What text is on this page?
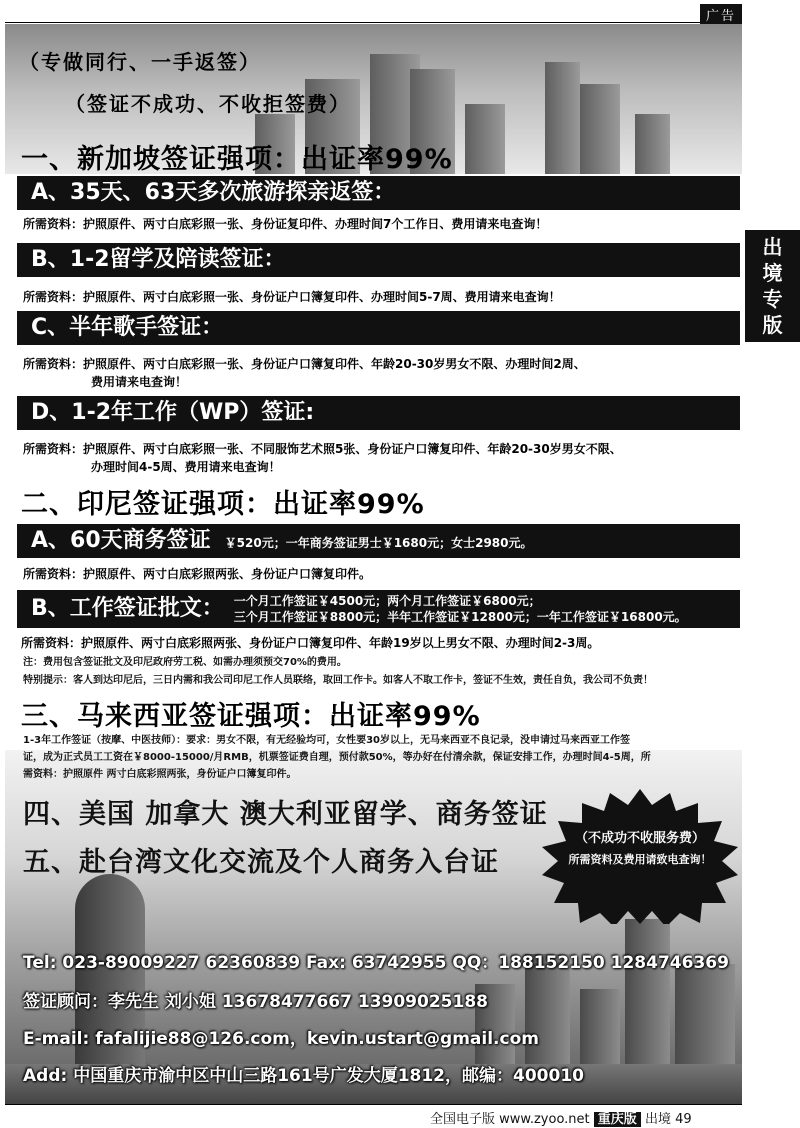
广告
出
境
专
版
（专做同行、一手返签）
（签证不成功、不收拒签费）
一、新加坡签证强项：出证率99%
A、35天、63天多次旅游探亲返签：
所需资料：护照原件、两寸白底彩照一张、身份证复印件、办理时间7个工作日、费用请来电查询！
B、1-2留学及陪读签证：
所需资料：护照原件、两寸白底彩照一张、身份证户口簿复印件、办理时间5-7周、费用请来电查询！
C、半年歌手签证：
所需资料：护照原件、两寸白底彩照一张、身份证户口簿复印件、年龄20-30岁男女不限、办理时间2周、
费用请来电查询！
D、1-2年工作（WP）签证:
所需资料：护照原件、两寸白底彩照一张、不同服饰艺术照5张、身份证户口簿复印件、年龄20-30岁男女不限、
办理时间4-5周、费用请来电查询！
二、印尼签证强项：出证率99%
A、60天商务签证 ￥520元；一年商务签证男士￥1680元；女士2980元。
所需资料：护照原件、两寸白底彩照两张、身份证户口簿复印件。
B、工作签证批文： 一个月工作签证￥4500元；两个月工作签证￥6800元；
三个月工作签证￥8800元；半年工作签证￥12800元；一年工作签证￥16800元。
所需资料：护照原件、两寸白底彩照两张、身份证户口簿复印件、年龄19岁以上男女不限、办理时间2-3周。
注：费用包含签证批文及印尼政府劳工税、如需办理须预交70%的费用。
特别提示：客人到达印尼后，三日内需和我公司印尼工作人员联络，取回工作卡。如客人不取工作卡，签证不生效，责任自负，我公司不负责！
三、马来西亚签证强项：出证率99%
1-3年工作签证（按摩、中医技师）：要求：男女不限，有无经验均可，女性要30岁以上，无马来西亚不良记录，没申请过马来西亚工作签
证，成为正式员工工资在￥8000-15000/月RMB，机票签证费自理，预付款50%，等办好在付清余款，保证安排工作，办理时间4-5周，所
需资料：护照原件 两寸白底彩照两张，身份证户口簿复印件。
四、美国 加拿大 澳大利亚留学、商务签证
五、赴台湾文化交流及个人商务入台证
（不成功不收服务费）
所需资料及费用请致电查询！
Tel: 023-89009227 62360839 Fax: 63742955 QQ：188152150 1284746369
签证顾问：李先生 刘小姐 13678477667 13909025188
E-mail: fafalijie88@126.com，kevin.ustart@gmail.com
Add: 中国重庆市渝中区中山三路161号广发大厦1812，邮编：400010
全国电子版 www.zyoo.net 重庆版 出境 49
